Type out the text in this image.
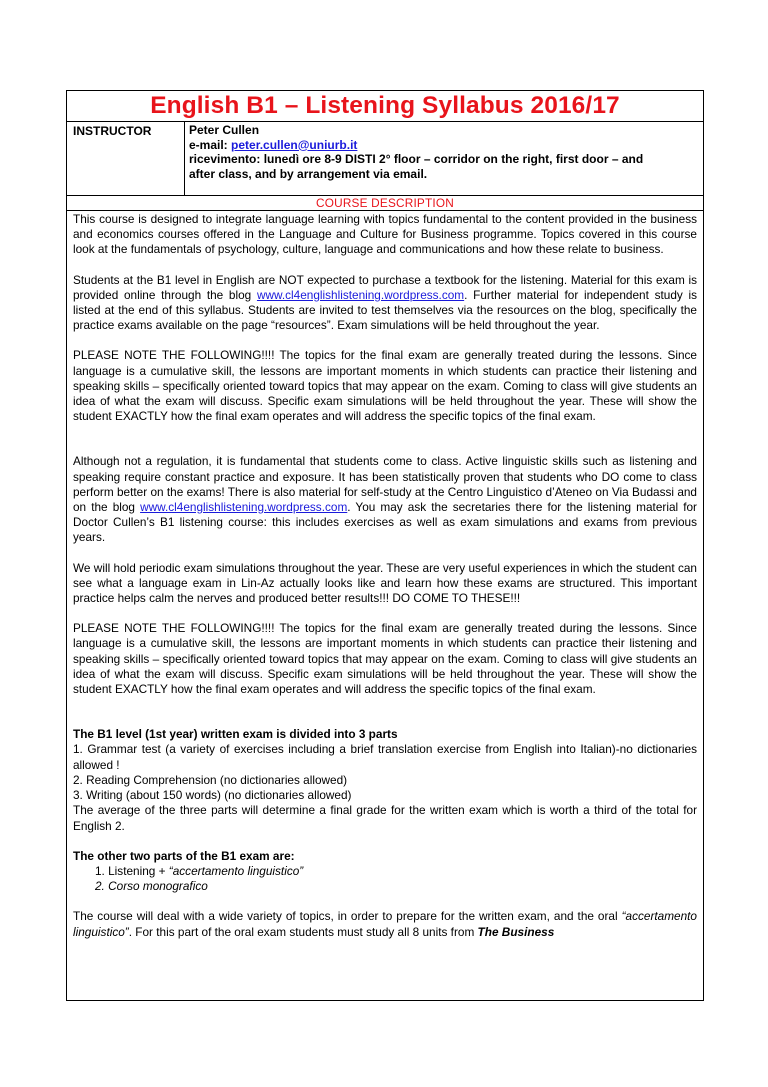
English B1 – Listening Syllabus 2016/17
INSTRUCTOR	Peter Cullen
e-mail: peter.cullen@uniurb.it
ricevimento: lunedì ore 8-9 DISTI 2° floor – corridor on the right, first door – and
after class, and by arrangement via email.
COURSE DESCRIPTION

This course is designed to integrate language learning with topics fundamental to the content provided in the business and economics courses offered in the Language and Culture for Business programme. Topics covered in this course look at the fundamentals of psychology, culture, language and communications and how these relate to business.

Students at the B1 level in English are NOT expected to purchase a textbook for the listening. Material for this exam is provided online through the blog www.cl4englishlistening.wordpress.com. Further material for independent study is listed at the end of this syllabus. Students are invited to test themselves via the resources on the blog, specifically the practice exams available on the page “resources”. Exam simulations will be held throughout the year.

PLEASE NOTE THE FOLLOWING!!!! The topics for the final exam are generally treated during the lessons. Since language is a cumulative skill, the lessons are important moments in which students can practice their listening and speaking skills – specifically oriented toward topics that may appear on the exam. Coming to class will give students an idea of what the exam will discuss. Specific exam simulations will be held throughout the year. These will show the student EXACTLY how the final exam operates and will address the specific topics of the final exam.

Although not a regulation, it is fundamental that students come to class. Active linguistic skills such as listening and speaking require constant practice and exposure. It has been statistically proven that students who DO come to class perform better on the exams! There is also material for self-study at the Centro Linguistico d’Ateneo on Via Budassi and on the blog www.cl4englishlistening.wordpress.com. You may ask the secretaries there for the listening material for Doctor Cullen’s B1 listening course: this includes exercises as well as exam simulations and exams from previous years.

We will hold periodic exam simulations throughout the year. These are very useful experiences in which the student can see what a language exam in Lin-Az actually looks like and learn how these exams are structured. This important practice helps calm the nerves and produced better results!!! DO COME TO THESE!!!

PLEASE NOTE THE FOLLOWING!!!! The topics for the final exam are generally treated during the lessons. Since language is a cumulative skill, the lessons are important moments in which students can practice their listening and speaking skills – specifically oriented toward topics that may appear on the exam. Coming to class will give students an idea of what the exam will discuss. Specific exam simulations will be held throughout the year. These will show the student EXACTLY how the final exam operates and will address the specific topics of the final exam.

The B1 level (1st year) written exam is divided into 3 parts

1. Grammar test (a variety of exercises including a brief translation exercise from English into Italian)-no dictionaries allowed !

2. Reading Comprehension (no dictionaries allowed)

3. Writing (about 150 words) (no dictionaries allowed)

The average of the three parts will determine a final grade for the written exam which is worth a third of the total for English 2.

The other two parts of the B1 exam are:

1. Listening + “accertamento linguistico”

2. Corso monografico

The course will deal with a wide variety of topics, in order to prepare for the written exam, and the oral “accertamento linguistico”. For this part of the oral exam students must study all 8 units from The Business
